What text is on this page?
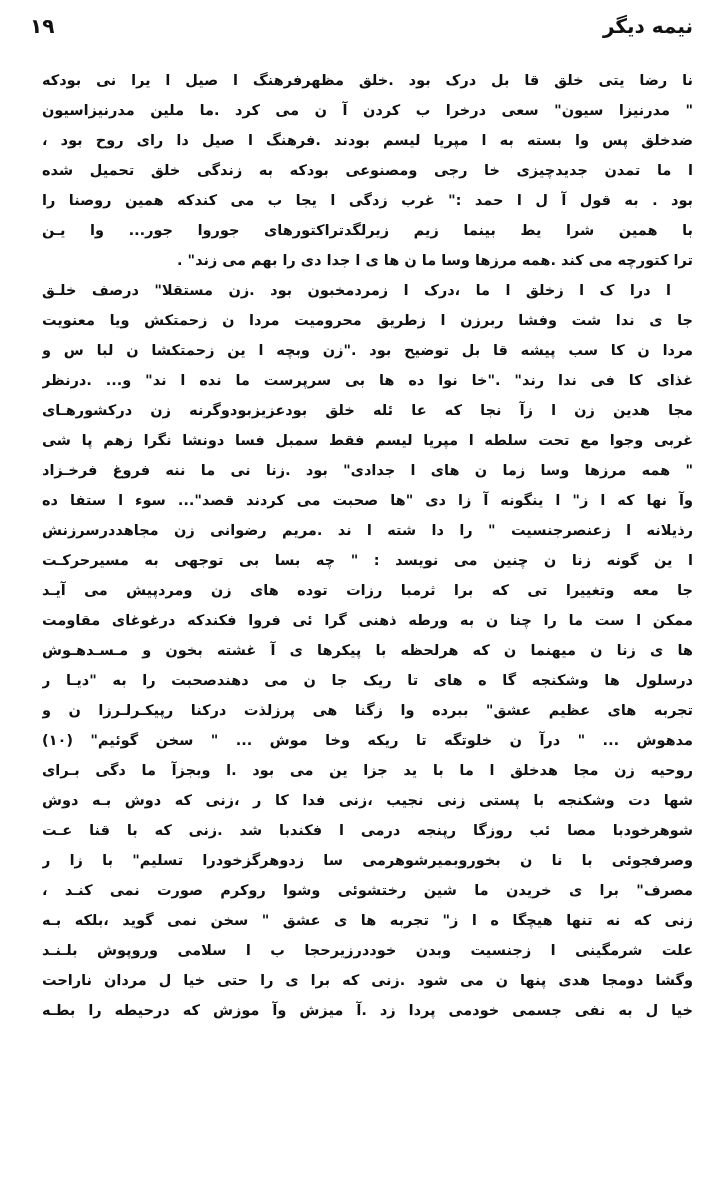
نیمه دیگر
۱۹
نا رضا یتی خلق قا بل درک بود .خلق مظهرفرهنگ ا صیل ا یرا نی بودکه
" مدرنیزا سیون" سعی درخرا ب کردن آ ن می کرد .ما ملین مدرنیزاسیون
ضدخلق پس وا بسته به ا مپریا لیسم بودند .فرهنگ ا صیل دا رای روح بود ،
ا ما تمدن جدیدچیزی خا رجی ومصنوعی بودکه به زندگی خلق تحمیل شده
بود . به قول آ ل ا حمد :" غرب زدگی ا یجا ب می کندکه همین روصنا را
با همین شرا یط بینما زیم زیرلگدتراکتورهای جوروا جور... وا یـن
ترا کتورچه می کند .همه مرزها وسا ما ن ها ی ا جدا دی را بهم می زند" .
ا درا ک ا زخلق ا ما ،درک ا زمردمخبون بود .زن مستقلا" درصف خلـق
جا ی ندا شت وفشا ربرزن ا زطریق محرومیت مردا ن زحمتکش ویا معنویت
مردا ن کا سب پیشه قا بل توضیح بود ."زن وبچه ا ین زحمتکشا ن لبا س و
غذای کا فی ندا رند" ."خا نوا ده ها بی سرپرست ما نده ا ند" و... .درنظر
مجا هدین زن ا زآ نجا که عا ئله خلق بودعزیزبودوگرنه زن درکشورهـای
غربی وجوا مع تحت سلطه ا مپریا لیسم فقط سمبل فسا دونشا نگرا زهم پا شی
" همه مرزها وسا زما ن های ا جدادی" بود .زنا نی ما ننه فروغ فرخـزاد
وآ نها که ا ز" ا ینگونه آ زا دی "ها صحبت می کردند قصد"... سوء ا ستفا ده
رذیلانه ا زعنصرجنسیت " را دا شته ا ند .مریم رضوانی زن مجاهددرسرزنش
ا ین گونه زنا ن چنین می نویسد : " چه بسا بی توجهی به مسیرحرکـت
جا معه وتغییرا تی که برا ثرمبا رزات توده های زن ومردپیش می آیـد
ممکن ا ست ما را چنا ن به ورطه ذهنی گرا ئی فروا فکندکه درغوغای مقاومت
ها ی زنا ن میهنما ن که هرلحظه با پیکرها ی آ غشته بخون و مـسـدهـوش
درسلول ها وشکنجه گا ه های تا ریک جا ن می دهندصحبت را به "دیـا ر
تجربه های عظیم عشق" ببرده وا زگنا هی پرزلذت درکنا رپیکـرلـرزا ن و
مدهوش ... " درآ ن خلوتگه تا ریکه وخا موش ... " سخن گوئیم" (۱۰)
روحیه زن مجا هدخلق ا ما با ید جزا ین می بود .ا وبجزآ ما دگی بـرای
شها دت وشکنجه با پستی زنی نجیب ،زنی فدا کا ر ،زنی که دوش بـه دوش
شوهرخودبا مصا ئب روزگا رپنجه درمی ا فکندبا شد .زنی که با قنا عـت
وصرفجوئی با نا ن بخوروبمیرشوهرمی سا زدوهرگزخودرا تسلیم" با زا ر
مصرف" برا ی خریدن ما شین رختشوئی وشوا روکرم صورت نمی کنـد ،
زنی که نه تنها هیچگا ه ا ز" تجربه ها ی عشق " سخن نمی گوید ،بلکه بـه
علت شرمگینی ا زجنسیت وبدن خوددرزیرحجا ب ا سلامی وروپوش بلـنـد
وگشا دومجا هدی پنها ن می شود .زنی که برا ی را حتی خیا ل مردان ناراحت
خیا ل به نفی جسمی خودمی پردا زد .آ میزش وآ موزش که درحیطه را بطـه
